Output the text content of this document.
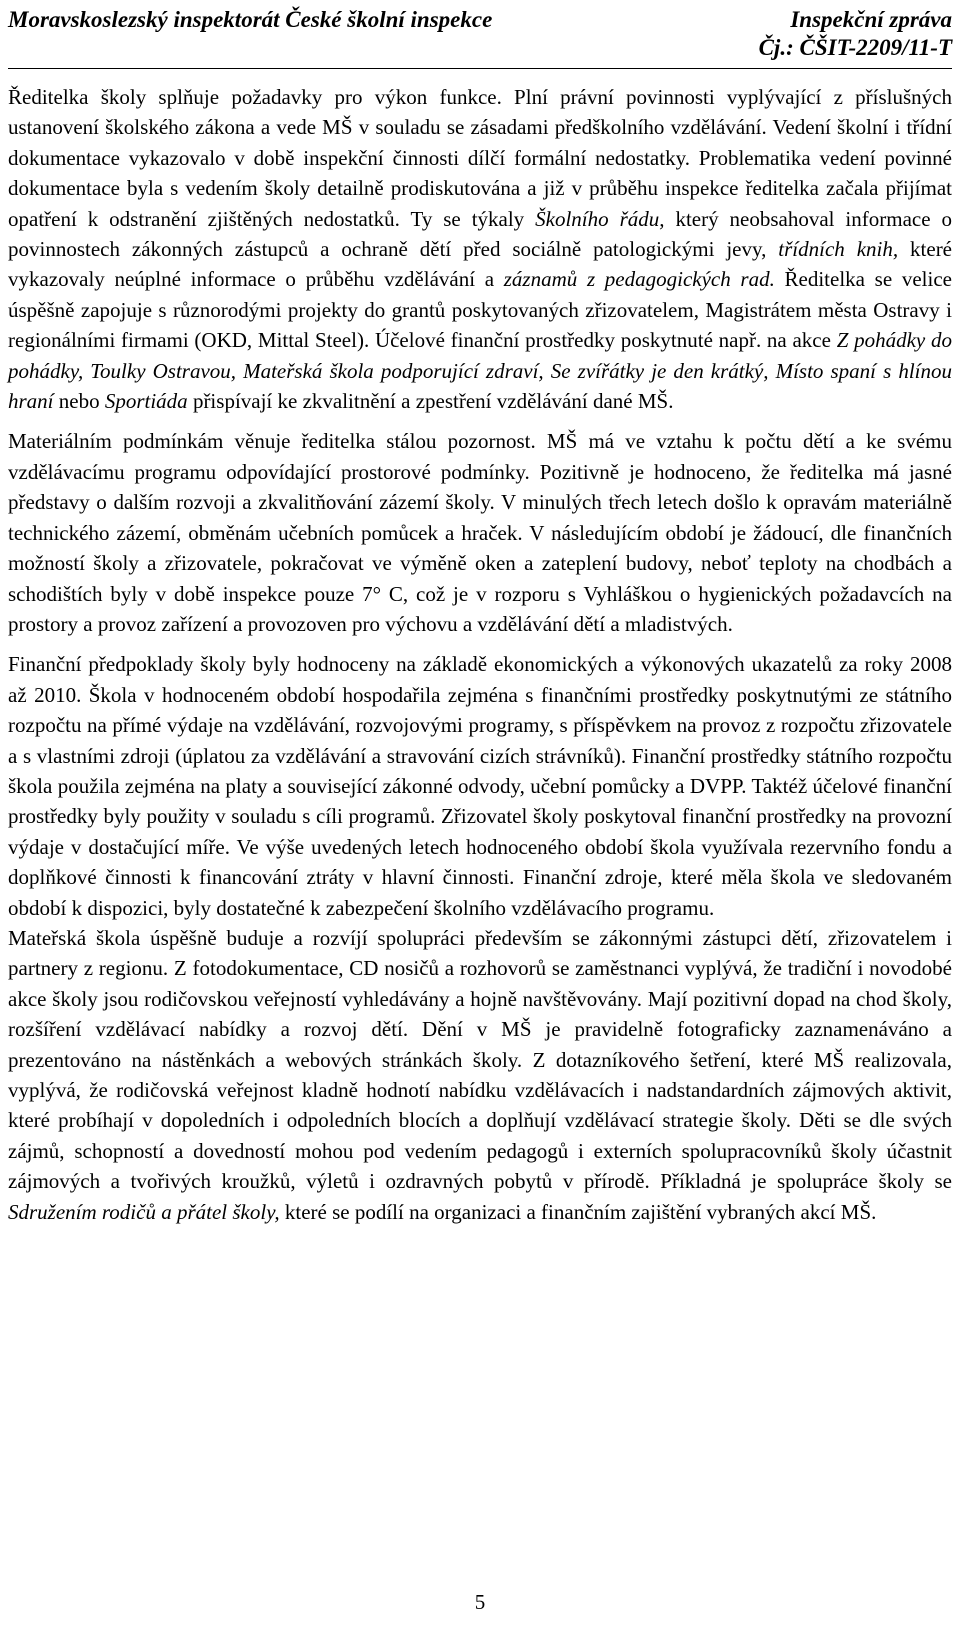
Moravskoslezský inspektorát České školní inspekce	Inspekční zpráva
Čj.: ČŠIT-2209/11-T

Ředitelka školy splňuje požadavky pro výkon funkce. Plní právní povinnosti vyplývající z příslušných ustanovení školského zákona a vede MŠ v souladu se zásadami předškolního vzdělávání. Vedení školní i třídní dokumentace vykazovalo v době inspekční činnosti dílčí formální nedostatky. Problematika vedení povinné dokumentace byla s vedením školy detailně prodiskutována a již v průběhu inspekce ředitelka začala přijímat opatření k odstranění zjištěných nedostatků. Ty se týkaly Školního řádu, který neobsahoval informace o povinnostech zákonných zástupců a ochraně dětí před sociálně patologickými jevy, třídních knih, které vykazovaly neúplné informace o průběhu vzdělávání a záznamů z pedagogických rad. Ředitelka se velice úspěšně zapojuje s různorodými projekty do grantů poskytovaných zřizovatelem, Magistrátem města Ostravy i regionálními firmami (OKD, Mittal Steel). Účelové finanční prostředky poskytnuté např. na akce Z pohádky do pohádky, Toulky Ostravou, Mateřská škola podporující zdraví, Se zvířátky je den krátký, Místo spaní s hlínou hraní nebo Sportiáda přispívají ke zkvalitnění a zpestření vzdělávání dané MŠ.

Materiálním podmínkám věnuje ředitelka stálou pozornost. MŠ má ve vztahu k počtu dětí a ke svému vzdělávacímu programu odpovídající prostorové podmínky. Pozitivně je hodnoceno, že ředitelka má jasné představy o dalším rozvoji a zkvalitňování zázemí školy. V minulých třech letech došlo k opravám materiálně technického zázemí, obměnám učebních pomůcek a hraček. V následujícím období je žádoucí, dle finančních možností školy a zřizovatele, pokračovat ve výměně oken a zateplení budovy, neboť teploty na chodbách a schodištích byly v době inspekce pouze 7° C, což je v rozporu s Vyhláškou o hygienických požadavcích na prostory a provoz zařízení a provozoven pro výchovu a vzdělávání dětí a mladistvých.

Finanční předpoklady školy byly hodnoceny na základě ekonomických a výkonových ukazatelů za roky 2008 až 2010. Škola v hodnoceném období hospodařila zejména s finančními prostředky poskytnutými ze státního rozpočtu na přímé výdaje na vzdělávání, rozvojovými programy, s příspěvkem na provoz z rozpočtu zřizovatele a s vlastními zdroji (úplatou za vzdělávání a stravování cizích strávníků). Finanční prostředky státního rozpočtu škola použila zejména na platy a související zákonné odvody, učební pomůcky a DVPP. Taktéž účelové finanční prostředky byly použity v souladu s cíli programů. Zřizovatel školy poskytoval finanční prostředky na provozní výdaje v dostačující míře. Ve výše uvedených letech hodnoceného období škola využívala rezervního fondu a doplňkové činnosti k financování ztráty v hlavní činnosti. Finanční zdroje, které měla škola ve sledovaném období k dispozici, byly dostatečné k zabezpečení školního vzdělávacího programu.

Mateřská škola úspěšně buduje a rozvíjí spolupráci především se zákonnými zástupci dětí, zřizovatelem i partnery z regionu. Z fotodokumentace, CD nosičů a rozhovorů se zaměstnanci vyplývá, že tradiční i novodobé akce školy jsou rodičovskou veřejností vyhledávány a hojně navštěvovány. Mají pozitivní dopad na chod školy, rozšíření vzdělávací nabídky a rozvoj dětí. Dění v MŠ je pravidelně fotograficky zaznamenáváno a prezentováno na nástěnkách a webových stránkách školy. Z dotazníkového šetření, které MŠ realizovala, vyplývá, že rodičovská veřejnost kladně hodnotí nabídku vzdělávacích i nadstandardních zájmových aktivit, které probíhají v dopoledních i odpoledních blocích a doplňují vzdělávací strategie školy. Děti se dle svých zájmů, schopností a dovedností mohou pod vedením pedagogů i externích spolupracovníků školy účastnit zájmových a tvořivých kroužků, výletů i ozdravných pobytů v přírodě. Příkladná je spolupráce školy se Sdružením rodičů a přátel školy, které se podílí na organizaci a finančním zajištění vybraných akcí MŠ.

5
